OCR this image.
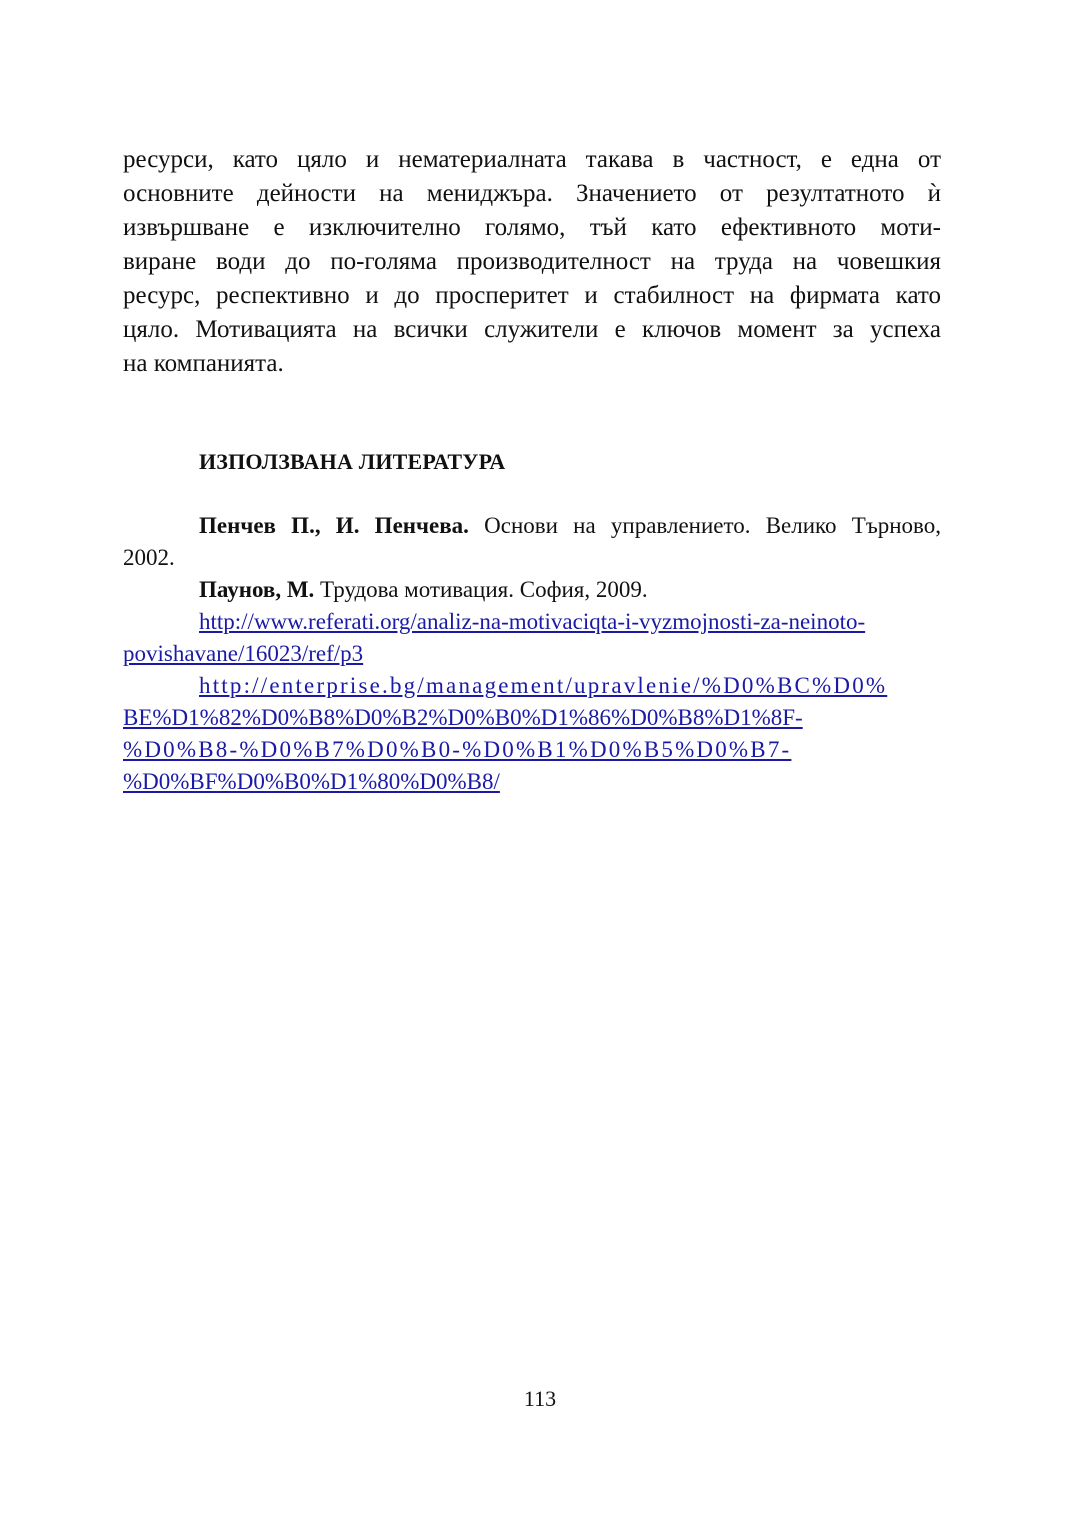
ресурси, като цяло и нематериалната такава в частност, е една от
основните дейности на мениджъра. Значението от резултатното ѝ
извършване е изключително голямо, тъй като ефективното моти-
виране води до по-голяма производителност на труда на човешкия
ресурс, респективно и до просперитет и стабилност на фирмата като
цяло. Мотивацията на всички служители е ключов момент за успеха
на компанията.
ИЗПОЛЗВАНА ЛИТЕРАТУРА
Пенчев П., И. Пенчева. Основи на управлението. Велико Търново,
2002.
Паунов, М. Трудова мотивация. София, 2009.
http://www.referati.org/analiz-na-motivaciqta-i-vyzmojnosti-za-neinoto-
povishavane/16023/ref/p3
http://enterprise.bg/management/upravlenie/%D0%BC%D0%
BE%D1%82%D0%B8%D0%B2%D0%B0%D1%86%D0%B8%D1%8F-
%D0%B8-%D0%B7%D0%B0-%D0%B1%D0%B5%D0%B7-
%D0%BF%D0%B0%D1%80%D0%B8/
113
